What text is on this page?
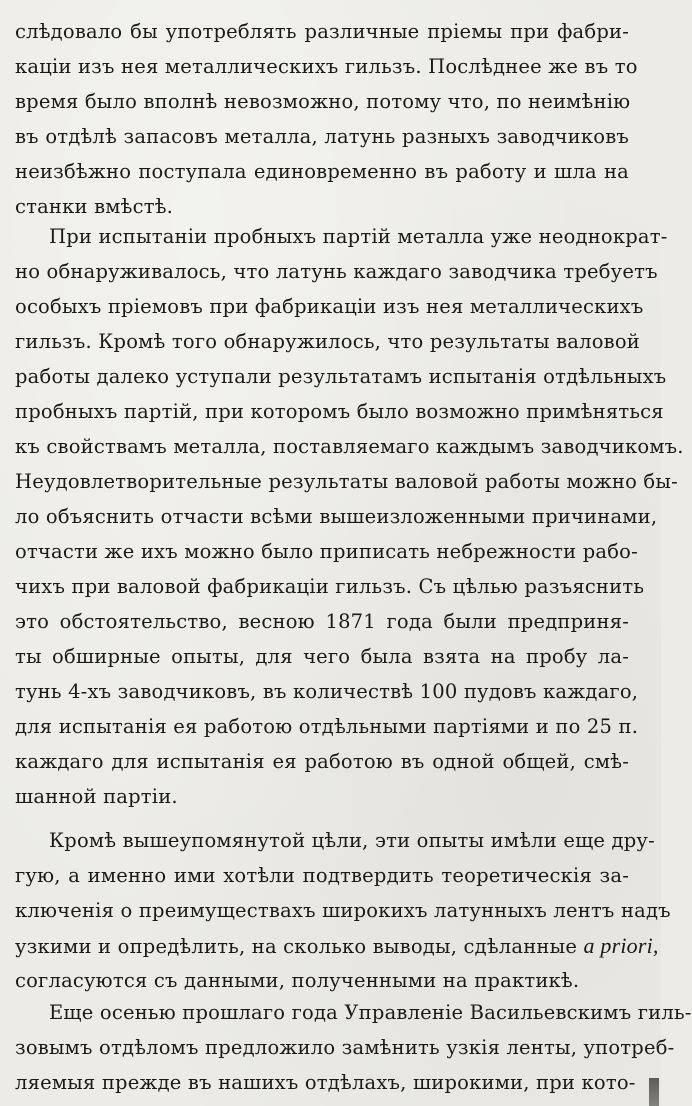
слѣдовало бы употреблять различные пріемы при фабри-
каціи изъ нея металлическихъ гильзъ. Послѣднее же въ то
время было вполнѣ невозможно, потому что, по неимѣнію
въ отдѣлѣ запасовъ металла, латунь разныхъ заводчиковъ
неизбѣжно поступала единовременно въ работу и шла на
станки вмѣстѣ.
При испытаніи пробныхъ партій металла уже неоднократ-
но обнаруживалось, что латунь каждаго заводчика требуетъ
особыхъ пріемовъ при фабрикаціи изъ нея металлическихъ
гильзъ. Кромѣ того обнаружилось, что результаты валовой
работы далеко уступали результатамъ испытанія отдѣльныхъ
пробныхъ партій, при которомъ было возможно примѣняться
къ свойствамъ металла, поставляемаго каждымъ заводчикомъ.
Неудовлетворительные результаты валовой работы можно бы-
ло объяснить отчасти всѣми вышеизложенными причинами,
отчасти же ихъ можно было приписать небрежности рабо-
чихъ при валовой фабрикаціи гильзъ. Съ цѣлью разъяснить
это обстоятельство, весною 1871 года были предприня-
ты обширные опыты, для чего была взята на пробу ла-
тунь 4-хъ заводчиковъ, въ количествѣ 100 пудовъ каждаго,
для испытанія ея работою отдѣльными партіями и по 25 п.
каждаго для испытанія ея работою въ одной общей, смѣ-
шанной партіи.
Кромѣ вышеупомянутой цѣли, эти опыты имѣли еще дру-
гую, а именно ими хотѣли подтвердить теоретическія за-
ключенія о преимуществахъ широкихъ латунныхъ лентъ надъ
узкими и опредѣлить, на сколько выводы, сдѣланные a priori,
согласуются съ данными, полученными на практикѣ.
Еще осенью прошлаго года Управленіе Васильевскимъ гиль-
зовымъ отдѣломъ предложило замѣнить узкія ленты, употреб-
ляемыя прежде въ нашихъ отдѣлахъ, широкими, при кото-
